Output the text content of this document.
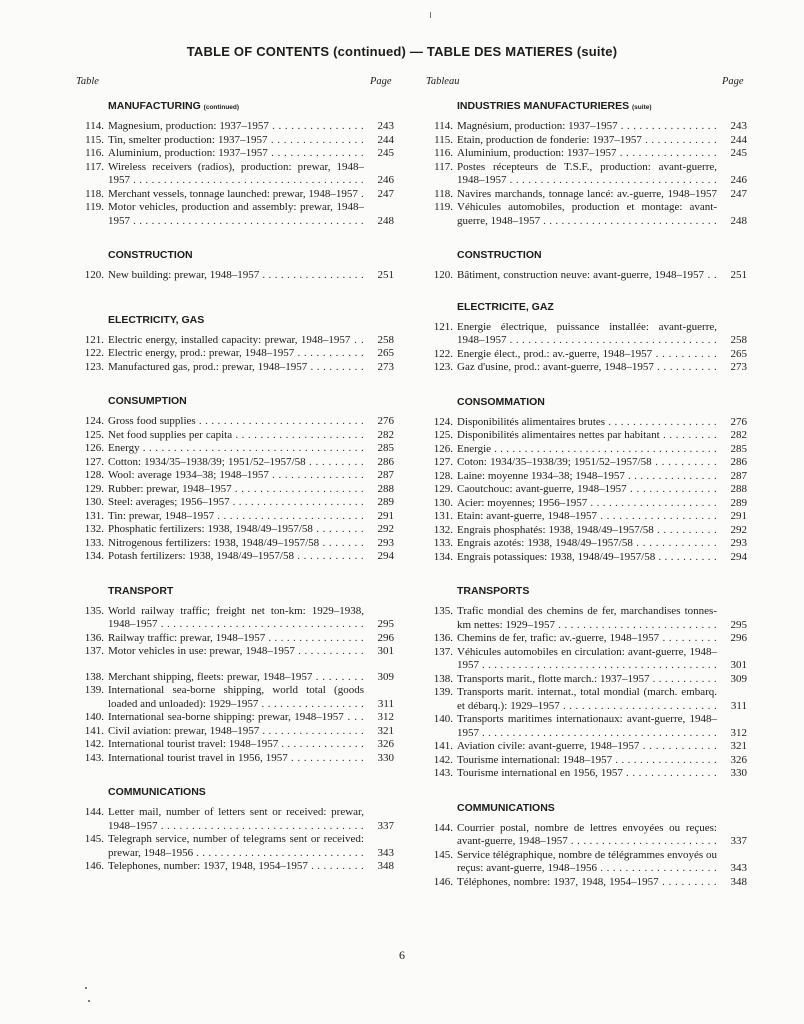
TABLE OF CONTENTS (continued) — TABLE DES MATIERES (suite)
Table	Page	Tableau	Page
MANUFACTURING (continued)
114. Magnesium, production: 1937–1957 . . . . . . . . . . . . . . .	243
115. Tin, smelter production: 1937–1957 . . . . . . . . . . . . . . .	244
116. Aluminium, production: 1937–1957 . . . . . . . . . . . . . . .	245
117. Wireless receivers (radios), production: prewar, 1948–1957 . . . . . . . . . . . . . . . . . . . . . . . . . . . . . . . . . . . . . .	246
118. Merchant vessels, tonnage launched: prewar, 1948–1957 .	247
119. Motor vehicles, production and assembly: prewar, 1948–1957 . . . . . . . . . . . . . . . . . . . . . . . . . . . . . . . . . . . . . .	248
CONSTRUCTION
120. New building: prewar, 1948–1957 . . . . . . . . . . . . . . . . .	251
ELECTRICITY, GAS
121. Electric energy, installed capacity: prewar, 1948–1957 . .	258
122. Electric energy, prod.: prewar, 1948–1957 . . . . . . . . . . .	265
123. Manufactured gas, prod.: prewar, 1948–1957 . . . . . . . . .	273
CONSUMPTION
124. Gross food supplies . . . . . . . . . . . . . . . . . . . . . . . . . . .	276
125. Net food supplies per capita . . . . . . . . . . . . . . . . . . . . .	282
126. Energy . . . . . . . . . . . . . . . . . . . . . . . . . . . . . . . . . . . .	285
127. Cotton: 1934/35–1938/39; 1951/52–1957/58 . . . . . . . . .	286
128. Wool: average 1934–38; 1948–1957 . . . . . . . . . . . . . . .	287
129. Rubber: prewar, 1948–1957 . . . . . . . . . . . . . . . . . . . . .	288
130. Steel: averages; 1956–1957 . . . . . . . . . . . . . . . . . . . . . .	289
131. Tin: prewar, 1948–1957 . . . . . . . . . . . . . . . . . . . . . . . .	291
132. Phosphatic fertilizers: 1938, 1948/49–1957/58 . . . . . . . .	292
133. Nitrogenous fertilizers: 1938, 1948/49–1957/58 . . . . . . .	293
134. Potash fertilizers: 1938, 1948/49–1957/58 . . . . . . . . . . .	294
TRANSPORT
135. World railway traffic; freight net ton-km: 1929–1938, 1948–1957 . . . . . . . . . . . . . . . . . . . . . . . . . . . . . . . . .	295
136. Railway traffic: prewar, 1948–1957 . . . . . . . . . . . . . . . .	296
137. Motor vehicles in use: prewar, 1948–1957 . . . . . . . . . . .	301
138. Merchant shipping, fleets: prewar, 1948–1957 . . . . . . . .	309
139. International sea-borne shipping, world total (goods loaded and unloaded): 1929–1957 . . . . . . . . . . . . . . . . .	311
140. International sea-borne shipping: prewar, 1948–1957 . . .	312
141. Civil aviation: prewar, 1948–1957 . . . . . . . . . . . . . . . . .	321
142. International tourist travel: 1948–1957 . . . . . . . . . . . . . .	326
143. International tourist travel in 1956, 1957 . . . . . . . . . . . .	330
COMMUNICATIONS
144. Letter mail, number of letters sent or received: prewar, 1948–1957 . . . . . . . . . . . . . . . . . . . . . . . . . . . . . . . . .	337
145. Telegraph service, number of telegrams sent or received: prewar, 1948–1956 . . . . . . . . . . . . . . . . . . . . . . . . . . . .	343
146. Telephones, number: 1937, 1948, 1954–1957 . . . . . . . . .	348
INDUSTRIES MANUFACTURIERES (suite)
114. Magnésium, production: 1937–1957 . . . . . . . . . . . . . . . .	243
115. Etain, production de fonderie: 1937–1957 . . . . . . . . . . . .	244
116. Aluminium, production: 1937–1957 . . . . . . . . . . . . . . . .	245
117. Postes récepteurs de T.S.F., production: avant-guerre, 1948–1957 . . . . . . . . . . . . . . . . . . . . . . . . . . . . . . . . . .	246
118. Navires marchands, tonnage lancé: av.-guerre, 1948–1957	247
119. Véhicules automobiles, production et montage: avant-guerre, 1948–1957 . . . . . . . . . . . . . . . . . . . . . . . . . . . . .	248
CONSTRUCTION
120. Bâtiment, construction neuve: avant-guerre, 1948–1957 . .	251
ELECTRICITE, GAZ
121. Energie électrique, puissance installée: avant-guerre, 1948–1957 . . . . . . . . . . . . . . . . . . . . . . . . . . . . . . . . . .	258
122. Energie élect., prod.: av.-guerre, 1948–1957 . . . . . . . . . .	265
123. Gaz d'usine, prod.: avant-guerre, 1948–1957 . . . . . . . . . .	273
CONSOMMATION
124. Disponibilités alimentaires brutes . . . . . . . . . . . . . . . . . .	276
125. Disponibilités alimentaires nettes par habitant . . . . . . . . .	282
126. Energie . . . . . . . . . . . . . . . . . . . . . . . . . . . . . . . . . . . . .	285
127. Coton: 1934/35–1938/39; 1951/52–1957/58 . . . . . . . . . .	286
128. Laine: moyenne 1934–38; 1948–1957 . . . . . . . . . . . . . . .	287
129. Caoutchouc: avant-guerre, 1948–1957 . . . . . . . . . . . . . .	288
130. Acier: moyennes; 1956–1957 . . . . . . . . . . . . . . . . . . . . .	289
131. Etain: avant-guerre, 1948–1957 . . . . . . . . . . . . . . . . . . .	291
132. Engrais phosphatés: 1938, 1948/49–1957/58 . . . . . . . . . .	292
133. Engrais azotés: 1938, 1948/49–1957/58 . . . . . . . . . . . . .	293
134. Engrais potassiques: 1938, 1948/49–1957/58 . . . . . . . . . .	294
TRANSPORTS
135. Trafic mondial des chemins de fer, marchandises tonnes-km nettes: 1929–1957 . . . . . . . . . . . . . . . . . . . . . . . . . .	295
136. Chemins de fer, trafic: av.-guerre, 1948–1957 . . . . . . . . .	296
137. Véhicules automobiles en circulation: avant-guerre, 1948–1957 . . . . . . . . . . . . . . . . . . . . . . . . . . . . . . . . . . . . . . .	301
138. Transports marit., flotte march.: 1937–1957 . . . . . . . . . . .	309
139. Transports marit. internat., total mondial (march. embarq. et débarq.): 1929–1957 . . . . . . . . . . . . . . . . . . . . . . . . .	311
140. Transports maritimes internationaux: avant-guerre, 1948–1957 . . . . . . . . . . . . . . . . . . . . . . . . . . . . . . . . . . . . . . .	312
141. Aviation civile: avant-guerre, 1948–1957 . . . . . . . . . . . .	321
142. Tourisme international: 1948–1957 . . . . . . . . . . . . . . . . .	326
143. Tourisme international en 1956, 1957 . . . . . . . . . . . . . . .	330
COMMUNICATIONS
144. Courrier postal, nombre de lettres envoyées ou reçues: avant-guerre, 1948–1957 . . . . . . . . . . . . . . . . . . . . . . . .	337
145. Service télégraphique, nombre de télégrammes envoyés ou reçus: avant-guerre, 1948–1956 . . . . . . . . . . . . . . . . . . .	343
146. Téléphones, nombre: 1937, 1948, 1954–1957 . . . . . . . . .	348
6
